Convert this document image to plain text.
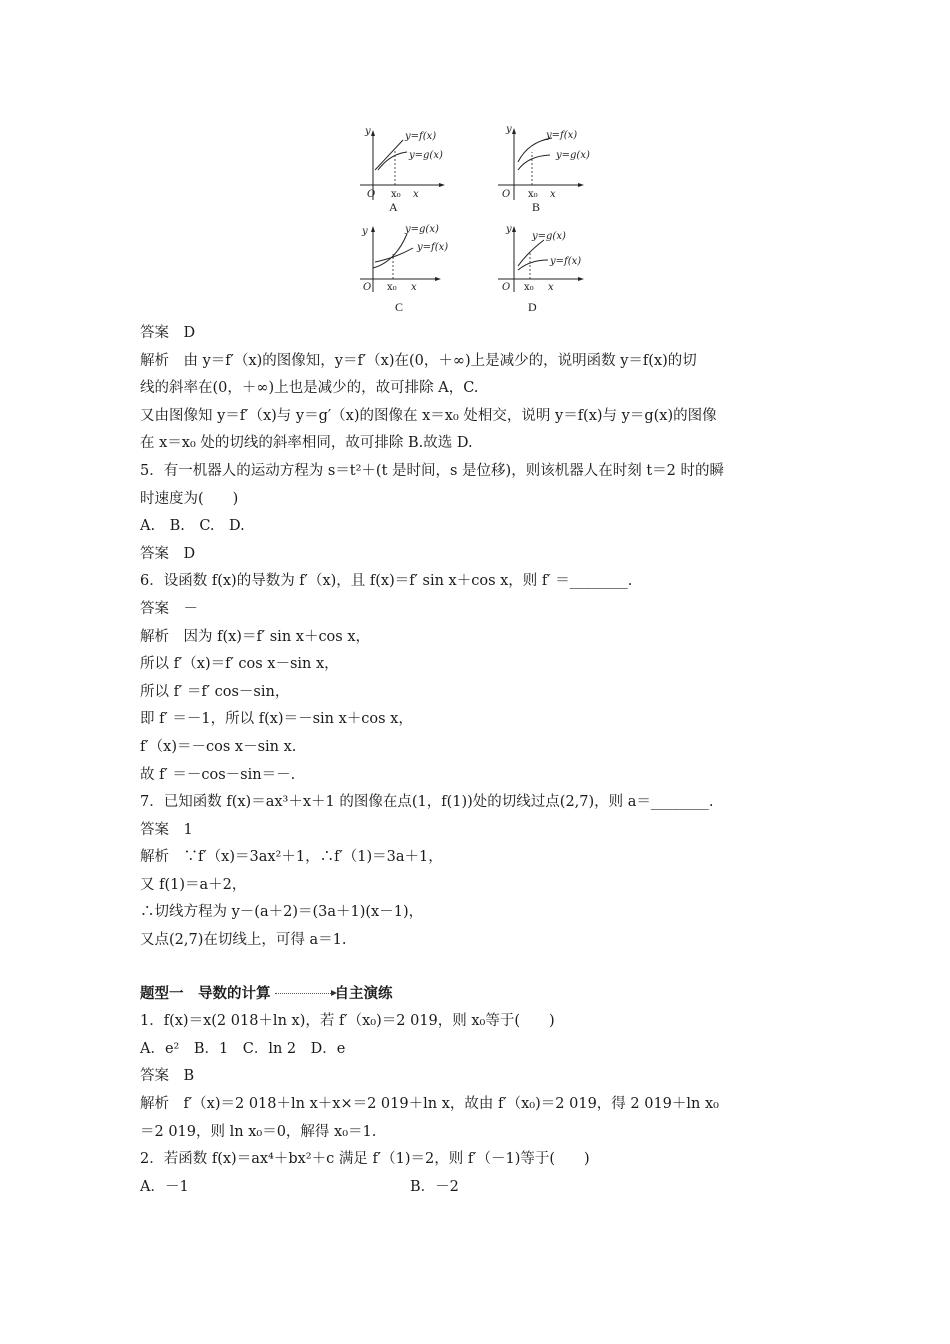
y
O x₀ x
y=f(x)
y=g(x)
A
y
O x₀ x
y=f(x)
y=g(x)
B
y
O x₀ x
y=g(x)
y=f(x)
C
y
O x₀ x
y=g(x)
y=f(x)
D
答案　D
解析　由 y＝f′（x)的图像知，y＝f′（x)在(0，＋∞)上是减少的，说明函数 y＝f(x)的切
线的斜率在(0，＋∞)上也是减少的，故可排除 A，C.
又由图像知 y＝f′（x)与 y＝g′（x)的图像在 x＝x₀ 处相交，说明 y＝f(x)与 y＝g(x)的图像
在 x＝x₀ 处的切线的斜率相同，故可排除 B.故选 D.
5．有一机器人的运动方程为 s＝t²＋(t 是时间，s 是位移)，则该机器人在时刻 t＝2 时的瞬
时速度为(　　)
A.　B.　C.　D.
答案　D
6．设函数 f(x)的导数为 f′（x)，且 f(x)＝f′ sin x＋cos x，则 f′ ＝________.
答案　－
解析　因为 f(x)＝f′ sin x＋cos x，
所以 f′（x)＝f′ cos x－sin x，
所以 f′ ＝f′ cos－sin，
即 f′ ＝－1，所以 f(x)＝－sin x＋cos x，
f′（x)＝－cos x－sin x.
故 f′ ＝－cos－sin＝－.
7．已知函数 f(x)＝ax³＋x＋1 的图像在点(1，f(1))处的切线过点(2,7)，则 a＝________.
答案　1
解析　∵f′（x)＝3ax²＋1，∴f′（1)＝3a＋1，
又 f(1)＝a＋2，
∴切线方程为 y－(a＋2)＝(3a＋1)(x－1)，
又点(2,7)在切线上，可得 a＝1.
题型一　导数的计算	自主演练
1．f(x)＝x(2 018＋ln x)，若 f′（x₀)＝2 019，则 x₀等于(　　)
A．e²　B．1　C．ln 2　D．e
答案　B
解析　f′（x)＝2 018＋ln x＋x×＝2 019＋ln x，故由 f′（x₀)＝2 019，得 2 019＋ln x₀
＝2 019，则 ln x₀＝0，解得 x₀＝1.
2．若函数 f(x)＝ax⁴＋bx²＋c 满足 f′（1)＝2，则 f′（－1)等于(　　)
A．－1	B．－2
